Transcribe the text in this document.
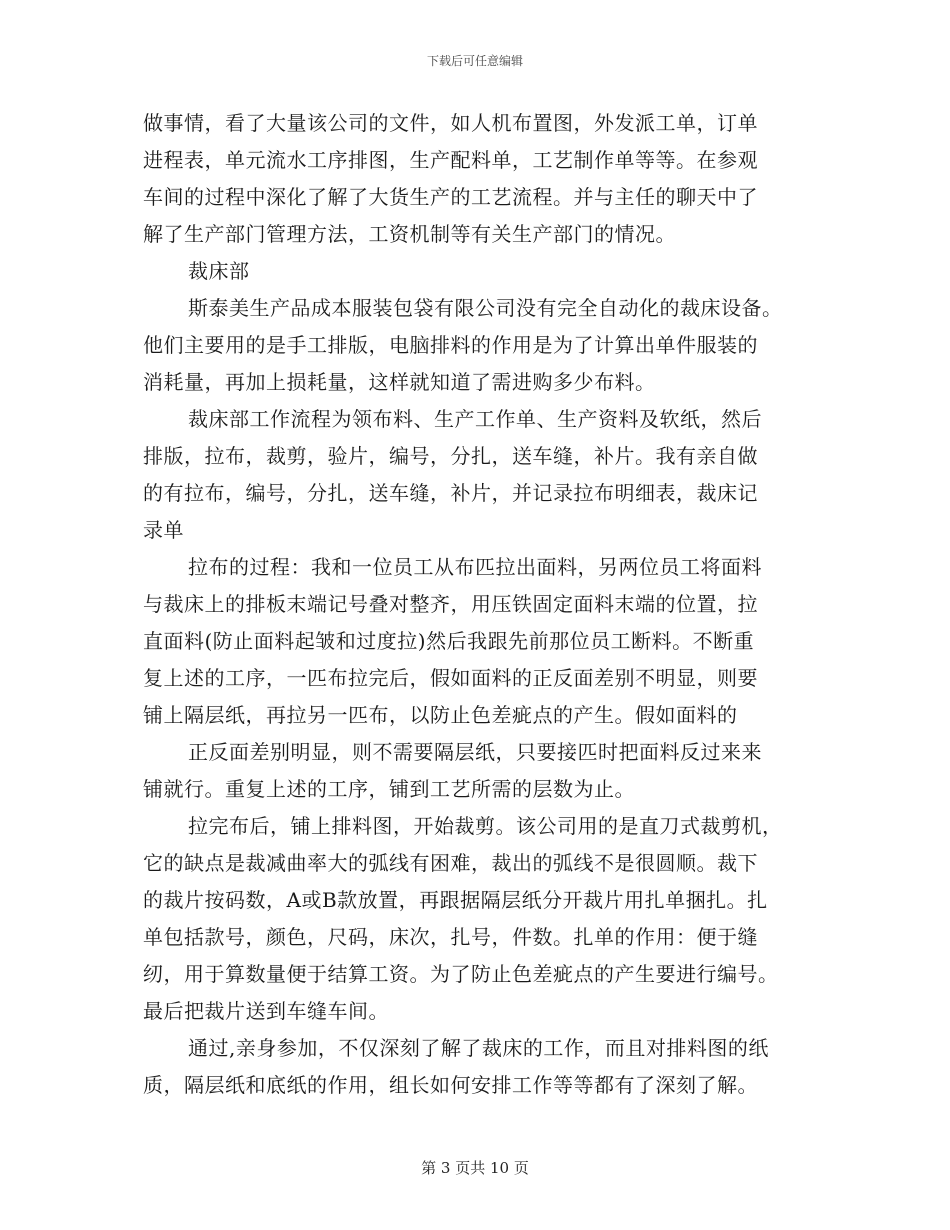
下载后可任意编辑
做事情，看了大量该公司的文件，如人机布置图，外发派工单，订单
进程表，单元流水工序排图，生产配料单，工艺制作单等等。在参观
车间的过程中深化了解了大货生产的工艺流程。并与主任的聊天中了
解了生产部门管理方法，工资机制等有关生产部门的情况。
裁床部
斯泰美生产品成本服装包袋有限公司没有完全自动化的裁床设备。
他们主要用的是手工排版，电脑排料的作用是为了计算出单件服装的
消耗量，再加上损耗量，这样就知道了需进购多少布料。
裁床部工作流程为领布料、生产工作单、生产资料及软纸，然后
排版，拉布，裁剪，验片，编号，分扎，送车缝，补片。我有亲自做
的有拉布，编号，分扎，送车缝，补片，并记录拉布明细表，裁床记
录单
拉布的过程：我和一位员工从布匹拉出面料，另两位员工将面料
与裁床上的排板末端记号叠对整齐，用压铁固定面料末端的位置，拉
直面料(防止面料起皱和过度拉)然后我跟先前那位员工断料。不断重
复上述的工序，一匹布拉完后，假如面料的正反面差别不明显，则要
铺上隔层纸，再拉另一匹布，以防止色差疵点的产生。假如面料的
正反面差别明显，则不需要隔层纸，只要接匹时把面料反过来来
铺就行。重复上述的工序，铺到工艺所需的层数为止。
拉完布后，铺上排料图，开始裁剪。该公司用的是直刀式裁剪机，
它的缺点是裁减曲率大的弧线有困难，裁出的弧线不是很圆顺。裁下
的裁片按码数，A或B款放置，再跟据隔层纸分开裁片用扎单捆扎。扎
单包括款号，颜色，尺码，床次，扎号，件数。扎单的作用：便于缝
纫，用于算数量便于结算工资。为了防止色差疵点的产生要进行编号。
最后把裁片送到车缝车间。
通过,亲身参加，不仅深刻了解了裁床的工作，而且对排料图的纸
质，隔层纸和底纸的作用，组长如何安排工作等等都有了深刻了解。
第 3 页共 10 页
